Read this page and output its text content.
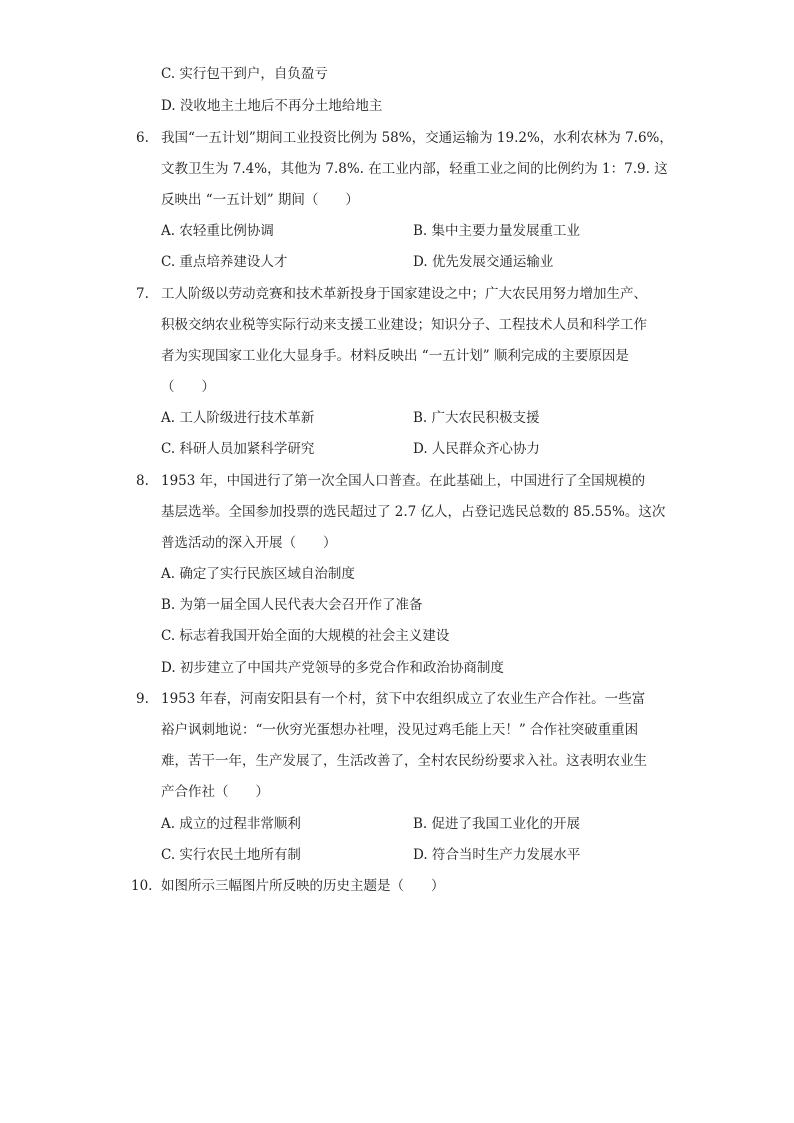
C. 实行包干到户，自负盈亏
D. 没收地主土地后不再分土地给地主
6. 我国“一五计划”期间工业投资比例为 58%，交通运输为 19.2%，水利农林为 7.6%，
文教卫生为 7.4%，其他为 7.8%. 在工业内部，轻重工业之间的比例约为 1：7.9. 这
反映出 “一五计划” 期间（　　）
A. 农轻重比例协调	B. 集中主要力量发展重工业
C. 重点培养建设人才	D. 优先发展交通运输业
7. 工人阶级以劳动竞赛和技术革新投身于国家建设之中；广大农民用努力增加生产、
积极交纳农业税等实际行动来支援工业建设；知识分子、工程技术人员和科学工作
者为实现国家工业化大显身手。材料反映出 “一五计划” 顺利完成的主要原因是
（　　）
A. 工人阶级进行技术革新	B. 广大农民积极支援
C. 科研人员加紧科学研究	D. 人民群众齐心协力
8. 1953 年，中国进行了第一次全国人口普查。在此基础上，中国进行了全国规模的
基层选举。全国参加投票的选民超过了 2.7 亿人，占登记选民总数的 85.55%。这次
普选活动的深入开展（　　）
A. 确定了实行民族区域自治制度
B. 为第一届全国人民代表大会召开作了准备
C. 标志着我国开始全面的大规模的社会主义建设
D. 初步建立了中国共产党领导的多党合作和政治协商制度
9. 1953 年春，河南安阳县有一个村，贫下中农组织成立了农业生产合作社。一些富
裕户讽刺地说：“一伙穷光蛋想办社哩，没见过鸡毛能上天！” 合作社突破重重困
难，苦干一年，生产发展了，生活改善了，全村农民纷纷要求入社。这表明农业生
产合作社（　　）
A. 成立的过程非常顺利	B. 促进了我国工业化的开展
C. 实行农民土地所有制	D. 符合当时生产力发展水平
10. 如图所示三幅图片所反映的历史主题是（　　）
